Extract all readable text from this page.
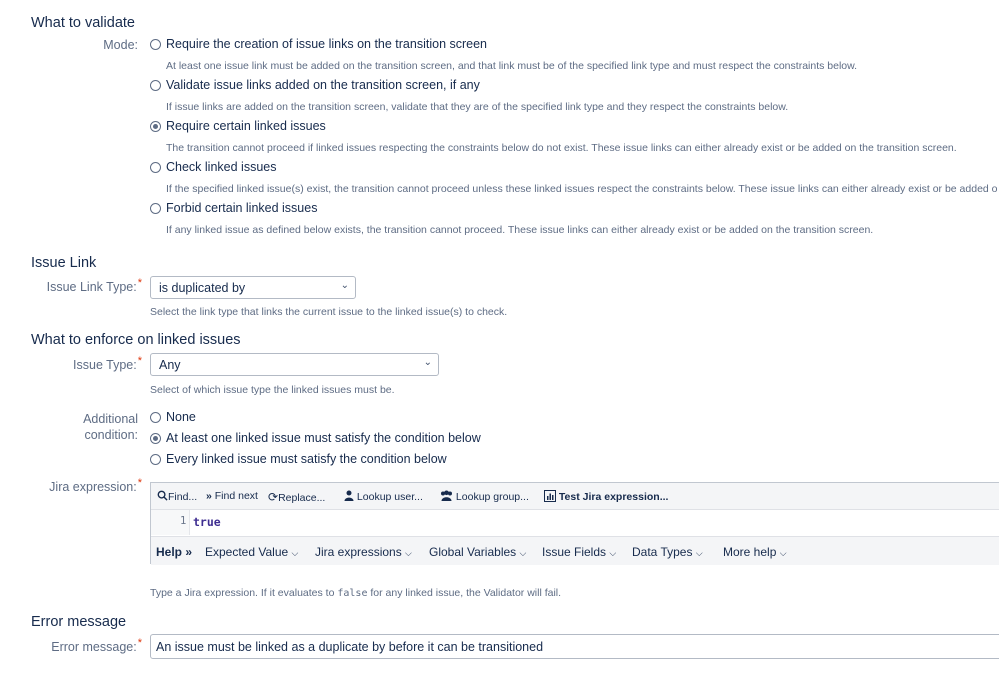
What to validate
Mode: Require the creation of issue links on the transition screen
At least one issue link must be added on the transition screen, and that link must be of the specified link type and must respect the constraints below.
Validate issue links added on the transition screen, if any
If issue links are added on the transition screen, validate that they are of the specified link type and they respect the constraints below.
Require certain linked issues
The transition cannot proceed if linked issues respecting the constraints below do not exist. These issue links can either already exist or be added on the transition screen.
Check linked issues
If the specified linked issue(s) exist, the transition cannot proceed unless these linked issues respect the constraints below. These issue links can either already exist or be added o
Forbid certain linked issues
If any linked issue as defined below exists, the transition cannot proceed. These issue links can either already exist or be added on the transition screen.
Issue Link
Issue Link Type:* is duplicated by	⌄
Select the link type that links the current issue to the linked issue(s) to check.
What to enforce on linked issues
Issue Type:* Any	⌄
Select of which issue type the linked issues must be.
Additional
condition:
None
At least one linked issue must satisfy the condition below
Every linked issue must satisfy the condition below
Jira expression:*
Find... » Find next ⟳Replace...	Lookup user...	Lookup group...	Test Jira expression...
1 true
Help » Expected Value ⌵ Jira expressions ⌵ Global Variables ⌵ Issue Fields ⌵ Data Types ⌵ More help ⌵
Type a Jira expression. If it evaluates to false for any linked issue, the Validator will fail.
Error message
Error message:* An issue must be linked as a duplicate by before it can be transitioned
